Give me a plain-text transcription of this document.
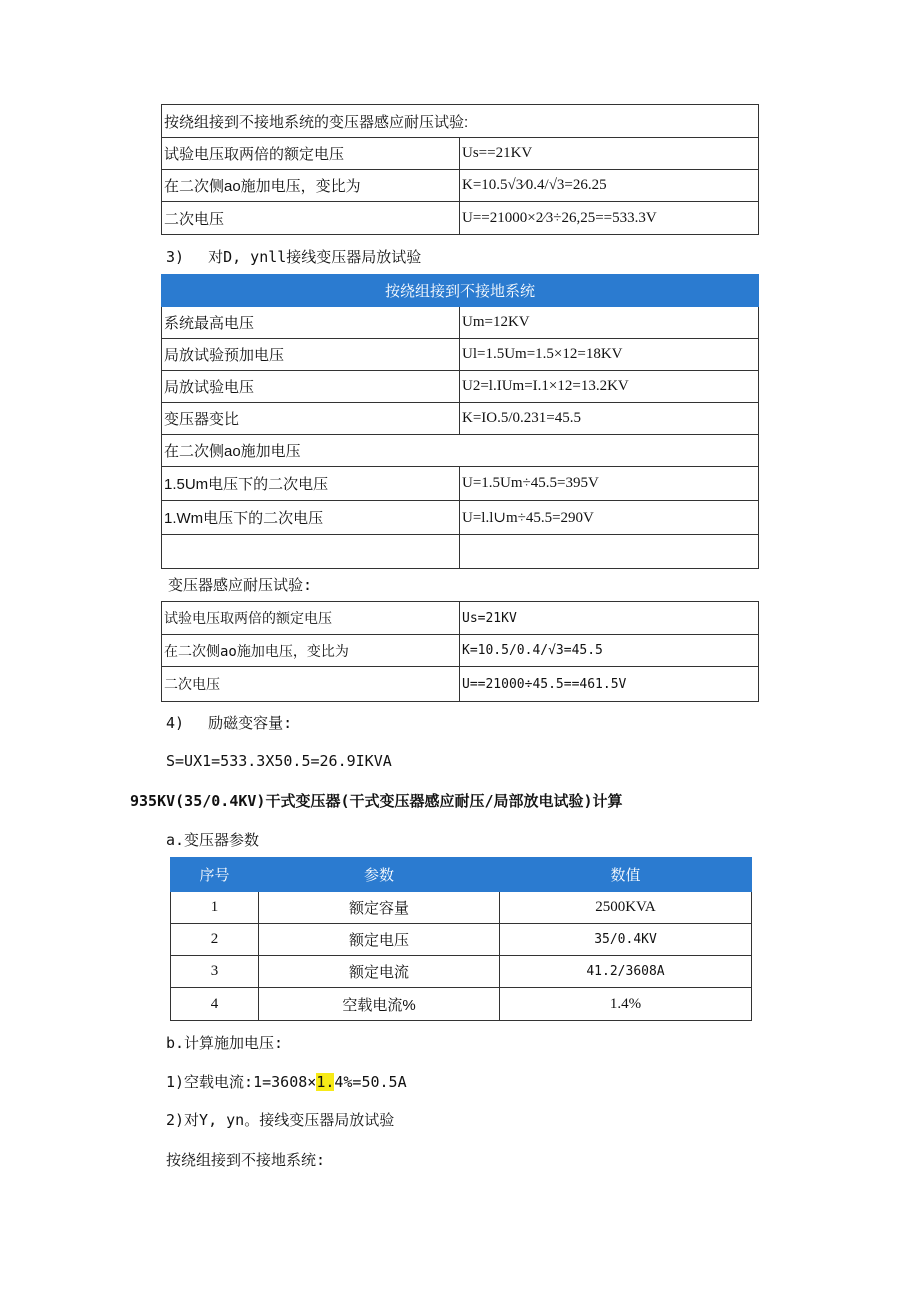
按绕组接到不接地系统的变压器感应耐压试验:	
试验电压取两倍的额定电压	Us==21KV
在二次侧ao施加电压，变比为	K=10.5√3⁄0.4/√3=26.25
二次电压	U==21000×2⁄3÷26,25==533.3V
3)　 对D, ynll接线变压器局放试验
按绕组接到不接地系统	
系统最高电压	Um=12KV
局放试验预加电压	Ul=1.5Um=1.5×12=18KV
局放试验电压	U2=l.IUm=I.1×12=13.2KV
变压器变比	K=IO.5/0.231=45.5
在二次侧ao施加电压	
1.5Um电压下的二次电压	U=1.5Um÷45.5=395V
1.Wm电压下的二次电压	U=l.l∪m÷45.5=290V

变压器感应耐压试验:
试验电压取两倍的额定电压	Us=21KV
在二次侧ao施加电压，变比为	K=10.5/0.4/√3=45.5
二次电压	U==21000÷45.5==461.5V
4)　 励磁变容量:
S=UX1=533.3X50.5=26.9IKVA
935KV(35/0.4KV)干式变压器(干式变压器感应耐压/局部放电试验)计算
a.变压器参数
序号	参数	数值
1	额定容量	2500KVA
2	额定电压	35/0.4KV
3	额定电流	41.2/3608A
4	空载电流%	1.4%
b.计算施加电压:
1)空载电流:1=3608×1.4%=50.5A
2)对Y, yn。接线变压器局放试验
按绕组接到不接地系统:
